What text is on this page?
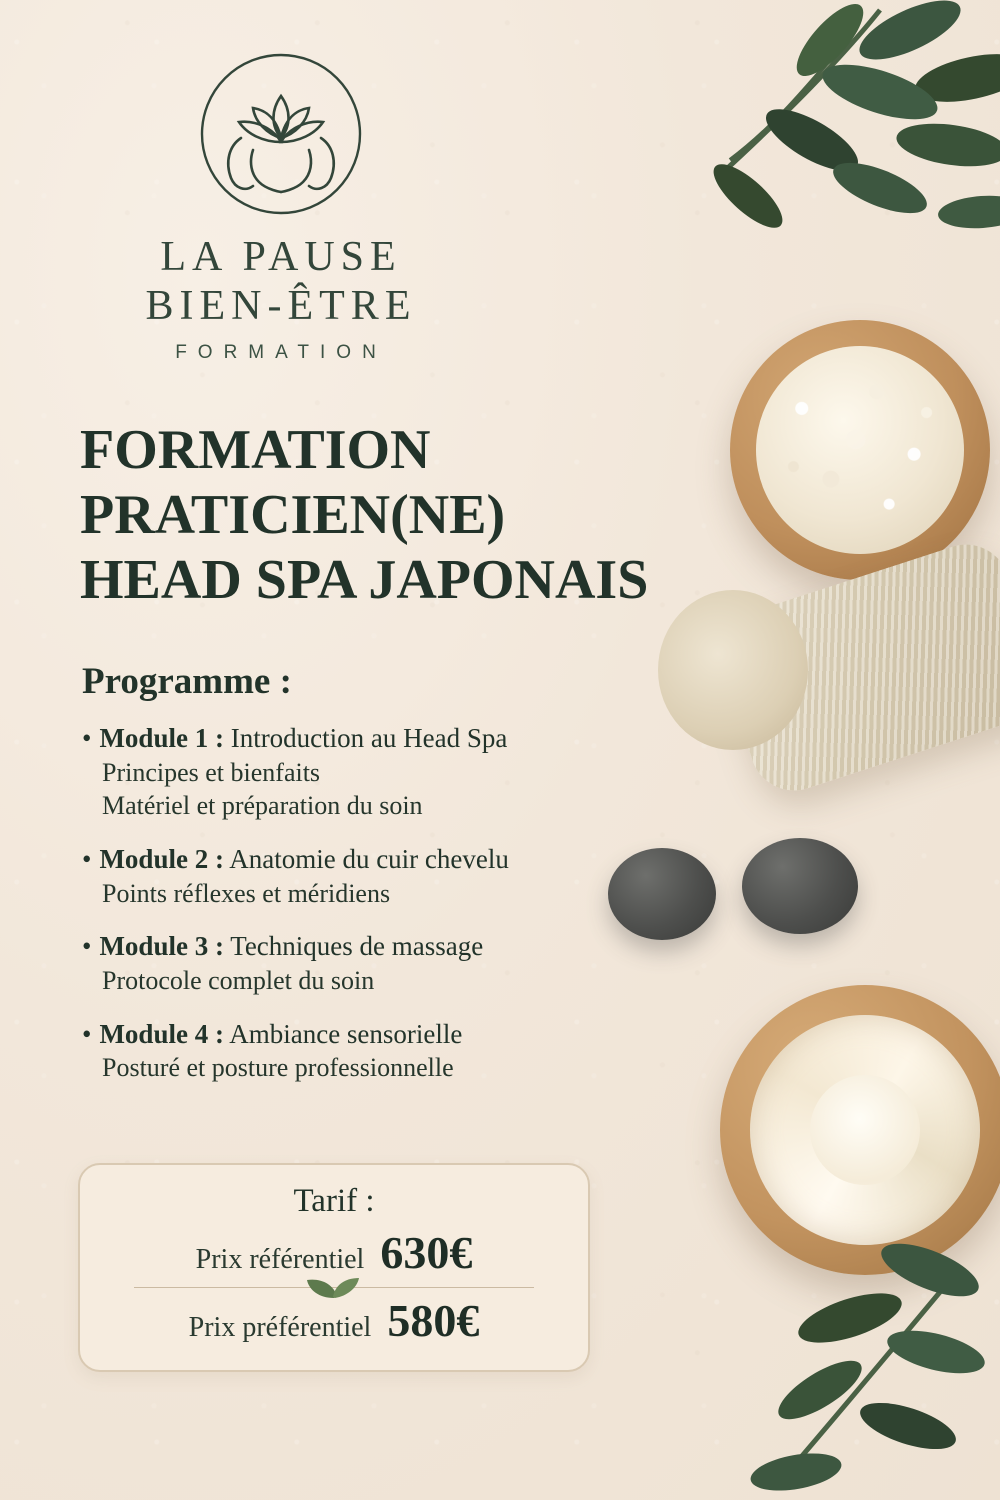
LA PAUSE
BIEN-ÊTRE
FORMATION
FORMATION
PRATICIEN(NE)
HEAD SPA JAPONAIS
Programme :
• Module 1 : Introduction au Head Spa
Principes et bienfaits
Matériel et préparation du soin
• Module 2 : Anatomie du cuir chevelu
Points réflexes et méridiens
• Module 3 : Techniques de massage
Protocole complet du soin
• Module 4 : Ambiance sensorielle
Posturé et posture professionnelle
Tarif :
Prix référentiel 630€
Prix préférentiel 580€
